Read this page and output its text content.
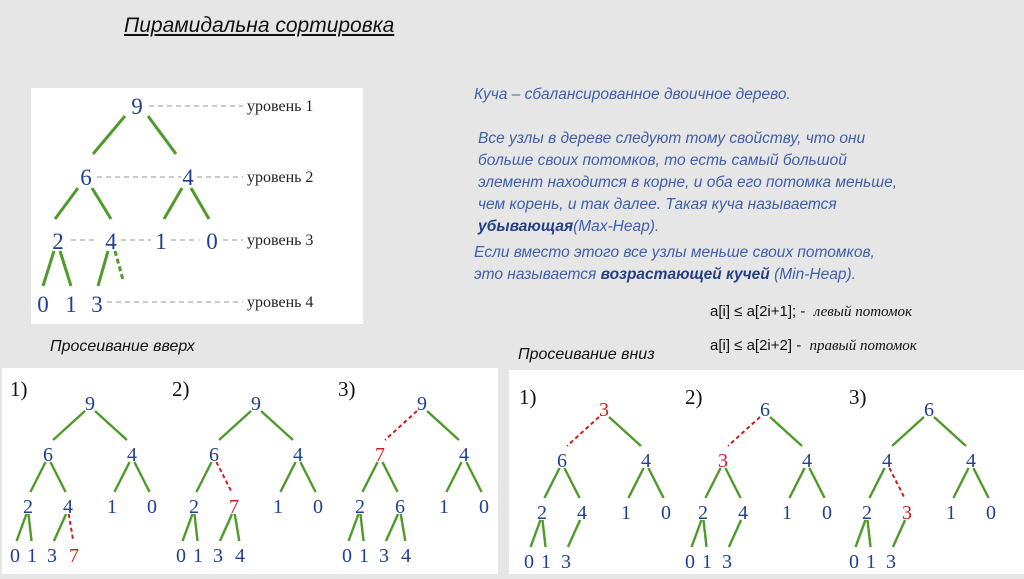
Пирамидальна сортировка
9
6	4
2 4 1 0
0 1 3
уровень 1
уровень 2
уровень 3
уровень 4
Куча – сбалансированное двоичное дерево.
Все узлы в дереве следуют тому свойству, что они
больше своих потомков, то есть самый большой
элемент находится в корне, и оба его потомка меньше,
чем корень, и так далее. Такая куча называется
убывающая(Max-Heap).
Если вместо этого все узлы меньше своих потомков,
это называется возрастающей кучей (Min-Heap).
a[i] ≤ a[2i+1]; - левый потомок
a[i] ≤ a[2i+2] - правый потомок
Просеивание вверх	Просеивание вниз
1)	2)	3)
9
6	4
2 4 1 0
0 1 3 7
9
6	4
2 7 1 0
0 1 3 4
9
7	4
2 6 1 0
0 1 3 4
1)	2)	3)
3
6	4
2 4 1 0
0 1 3
6
3	4
2 4 1 0
0 1 3
6
4	4
2 3 1 0
0 1 3
